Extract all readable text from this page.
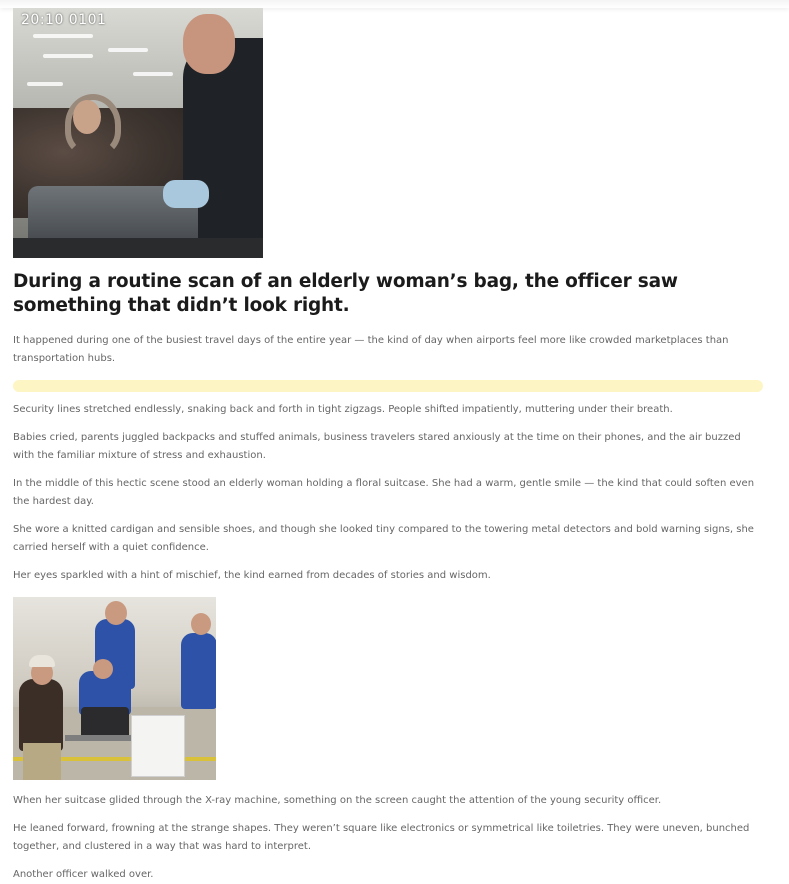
20:10 0101
During a routine scan of an elderly woman’s bag, the officer saw something that didn’t look right.

It happened during one of the busiest travel days of the entire year — the kind of day when airports feel more like crowded marketplaces than transportation hubs.

Security lines stretched endlessly, snaking back and forth in tight zigzags. People shifted impatiently, muttering under their breath.

Babies cried, parents juggled backpacks and stuffed animals, business travelers stared anxiously at the time on their phones, and the air buzzed with the familiar mixture of stress and exhaustion.

In the middle of this hectic scene stood an elderly woman holding a floral suitcase. She had a warm, gentle smile — the kind that could soften even the hardest day.

She wore a knitted cardigan and sensible shoes, and though she looked tiny compared to the towering metal detectors and bold warning signs, she carried herself with a quiet confidence.

Her eyes sparkled with a hint of mischief, the kind earned from decades of stories and wisdom.

When her suitcase glided through the X-ray machine, something on the screen caught the attention of the young security officer.

He leaned forward, frowning at the strange shapes. They weren’t square like electronics or symmetrical like toiletries. They were uneven, bunched together, and clustered in a way that was hard to interpret.

Another officer walked over.
